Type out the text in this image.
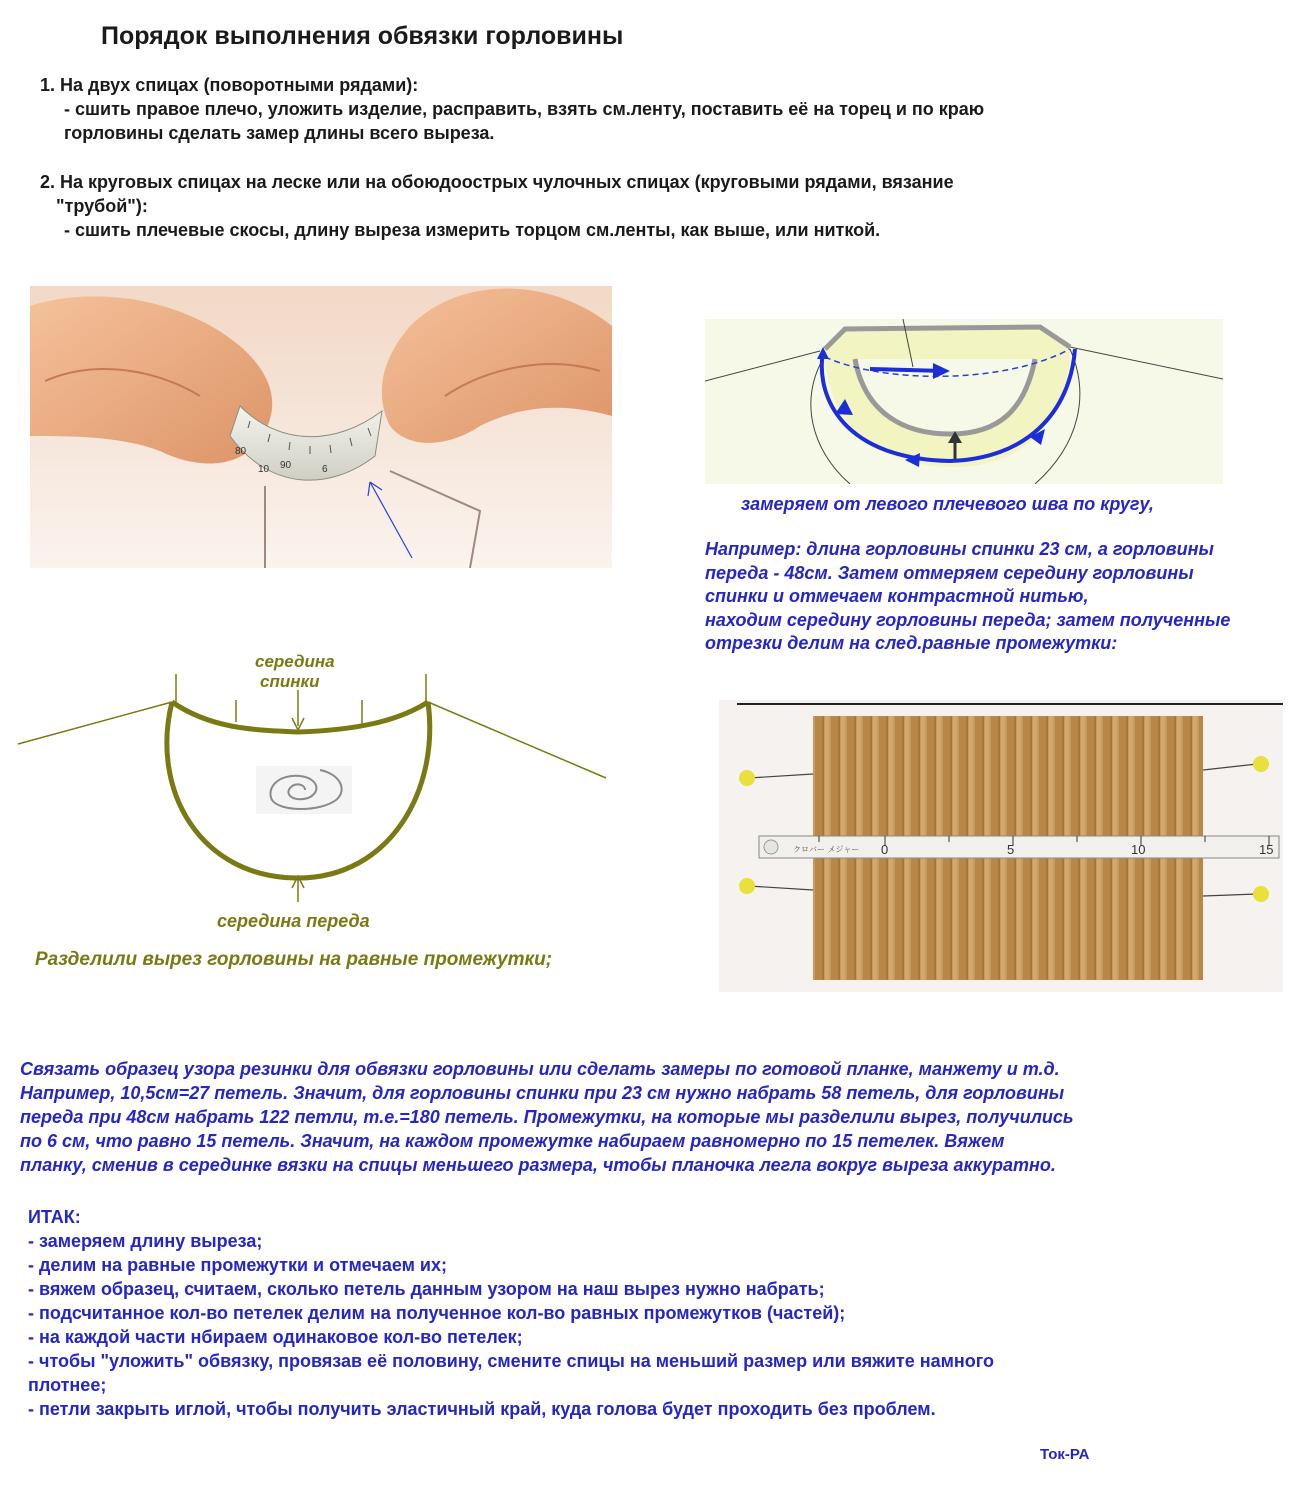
Порядок выполнения обвязки горловины
1. На двух спицах (поворотными рядами):
- сшить правое плечо, уложить изделие, расправить, взять см.ленту, поставить её на торец и по краю
горловины сделать замер длины всего выреза.
2. На круговых спицах на леске или на обоюдоострых чулочных спицах (круговыми рядами, вязание
"трубой"):
- сшить плечевые скосы, длину выреза измерить торцом см.ленты, как выше, или ниткой.
80
90
10	6
замеряем от левого плечевого шва по кругу,
Например: длина горловины спинки 23 см, а горловины
переда - 48см. Затем отмеряем середину горловины
спинки и отмечаем контрастной нитью,
находим середину горловины переда; затем полученные
отрезки делим на след.равные промежутки:
середина
спинки
середина переда
Разделили вырез горловины на равные промежутки;
クロバー メジャー 0	5	10	15
Связать образец узора резинки для обвязки горловины или сделать замеры по готовой планке, манжету и т.д.
Например, 10,5см=27 петель. Значит, для горловины спинки при 23 см нужно набрать 58 петель, для горловины
переда при 48см набрать 122 петли, т.е.=180 петель. Промежутки, на которые мы разделили вырез, получились
по 6 см, что равно 15 петель. Значит, на каждом промежутке набираем равномерно по 15 петелек. Вяжем
планку, сменив в серединке вязки на спицы меньшего размера, чтобы планочка легла вокруг выреза аккуратно.
ИТАК:
- замеряем длину выреза;
- делим на равные промежутки и отмечаем их;
- вяжем образец, считаем, сколько петель данным узором на наш вырез нужно набрать;
- подсчитанное кол-во петелек делим на полученное кол-во равных промежутков (частей);
- на каждой части нбираем одинаковое кол-во петелек;
- чтобы "уложить" обвязку, провязав её половину, смените спицы на меньший размер или вяжите намного
плотнее;
- петли закрыть иглой, чтобы получить эластичный край, куда голова будет проходить без проблем.
Ток-РА
